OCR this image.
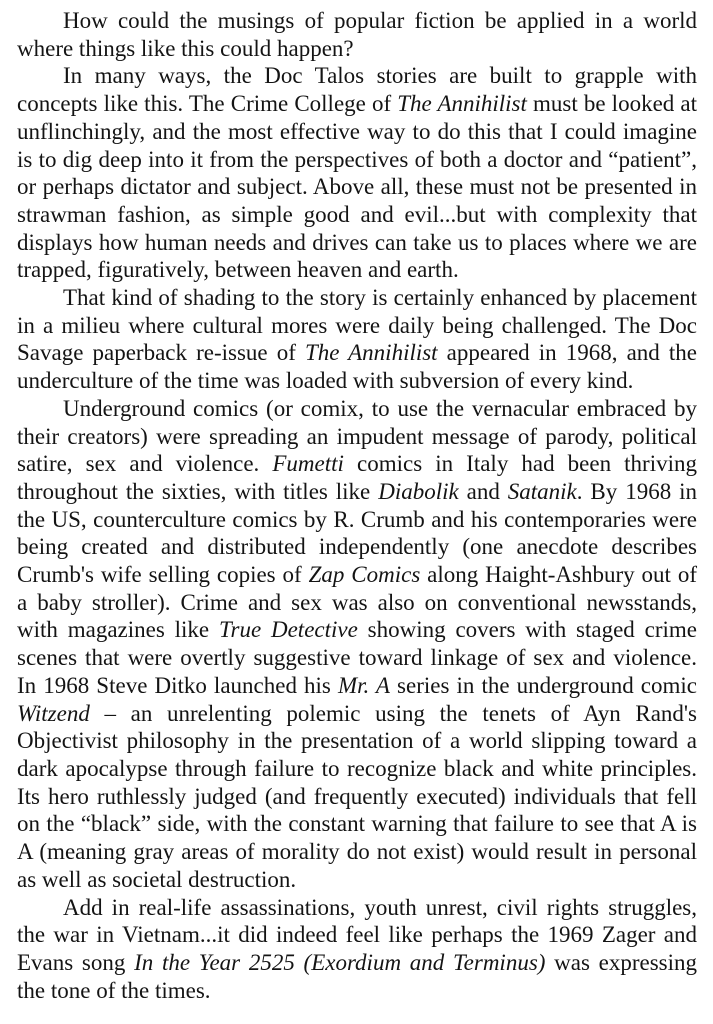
How could the musings of popular fiction be applied in a world where things like this could happen?

In many ways, the Doc Talos stories are built to grapple with concepts like this. The Crime College of The Annihilist must be looked at unflinchingly, and the most effective way to do this that I could imagine is to dig deep into it from the perspectives of both a doctor and “patient”, or perhaps dictator and subject. Above all, these must not be presented in strawman fashion, as simple good and evil...but with complexity that displays how human needs and drives can take us to places where we are trapped, figuratively, between heaven and earth.

That kind of shading to the story is certainly enhanced by placement in a milieu where cultural mores were daily being challenged. The Doc Savage paperback re-issue of The Annihilist appeared in 1968, and the underculture of the time was loaded with subversion of every kind.

Underground comics (or comix, to use the vernacular embraced by their creators) were spreading an impudent message of parody, political satire, sex and violence. Fumetti comics in Italy had been thriving throughout the sixties, with titles like Diabolik and Satanik. By 1968 in the US, counterculture comics by R. Crumb and his contemporaries were being created and distributed independently (one anecdote describes Crumb's wife selling copies of Zap Comics along Haight-Ashbury out of a baby stroller). Crime and sex was also on conventional newsstands, with magazines like True Detective showing covers with staged crime scenes that were overtly suggestive toward linkage of sex and violence. In 1968 Steve Ditko launched his Mr. A series in the underground comic Witzend – an unrelenting polemic using the tenets of Ayn Rand's Objectivist philosophy in the presentation of a world slipping toward a dark apocalypse through failure to recognize black and white principles. Its hero ruthlessly judged (and frequently executed) individuals that fell on the “black” side, with the constant warning that failure to see that A is A (meaning gray areas of morality do not exist) would result in personal as well as societal destruction.

Add in real-life assassinations, youth unrest, civil rights struggles, the war in Vietnam...it did indeed feel like perhaps the 1969 Zager and Evans song In the Year 2525 (Exordium and Terminus) was expressing the tone of the times.
